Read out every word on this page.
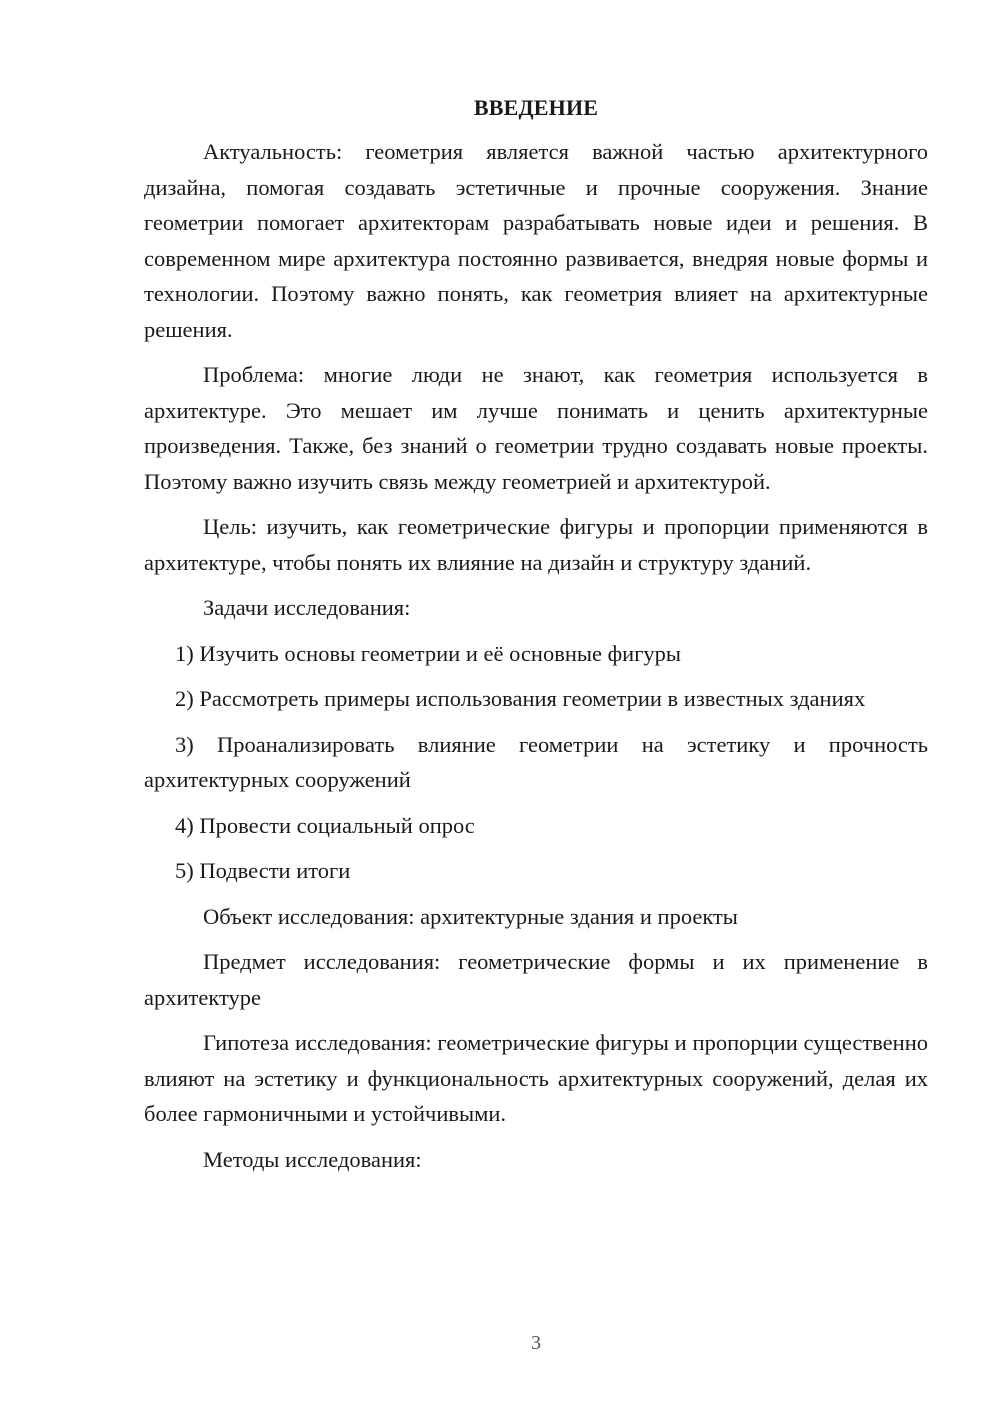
ВВЕДЕНИЕ

Актуальность: геометрия является важной частью архитектурного дизайна, помогая создавать эстетичные и прочные сооружения. Знание геометрии помогает архитекторам разрабатывать новые идеи и решения. В современном мире архитектура постоянно развивается, внедряя новые формы и технологии. Поэтому важно понять, как геометрия влияет на архитектурные решения.

Проблема: многие люди не знают, как геометрия используется в архитектуре. Это мешает им лучше понимать и ценить архитектурные произведения. Также, без знаний о геометрии трудно создавать новые проекты. Поэтому важно изучить связь между геометрией и архитектурой.

Цель: изучить, как геометрические фигуры и пропорции применяются в архитектуре, чтобы понять их влияние на дизайн и структуру зданий.

Задачи исследования:

1) Изучить основы геометрии и её основные фигуры

2) Рассмотреть примеры использования геометрии в известных зданиях

3) Проанализировать влияние геометрии на эстетику и прочность архитектурных сооружений

4) Провести социальный опрос

5) Подвести итоги

Объект исследования: архитектурные здания и проекты

Предмет исследования: геометрические формы и их применение в архитектуре

Гипотеза исследования: геометрические фигуры и пропорции существенно влияют на эстетику и функциональность архитектурных сооружений, делая их более гармоничными и устойчивыми.

Методы исследования:

3
